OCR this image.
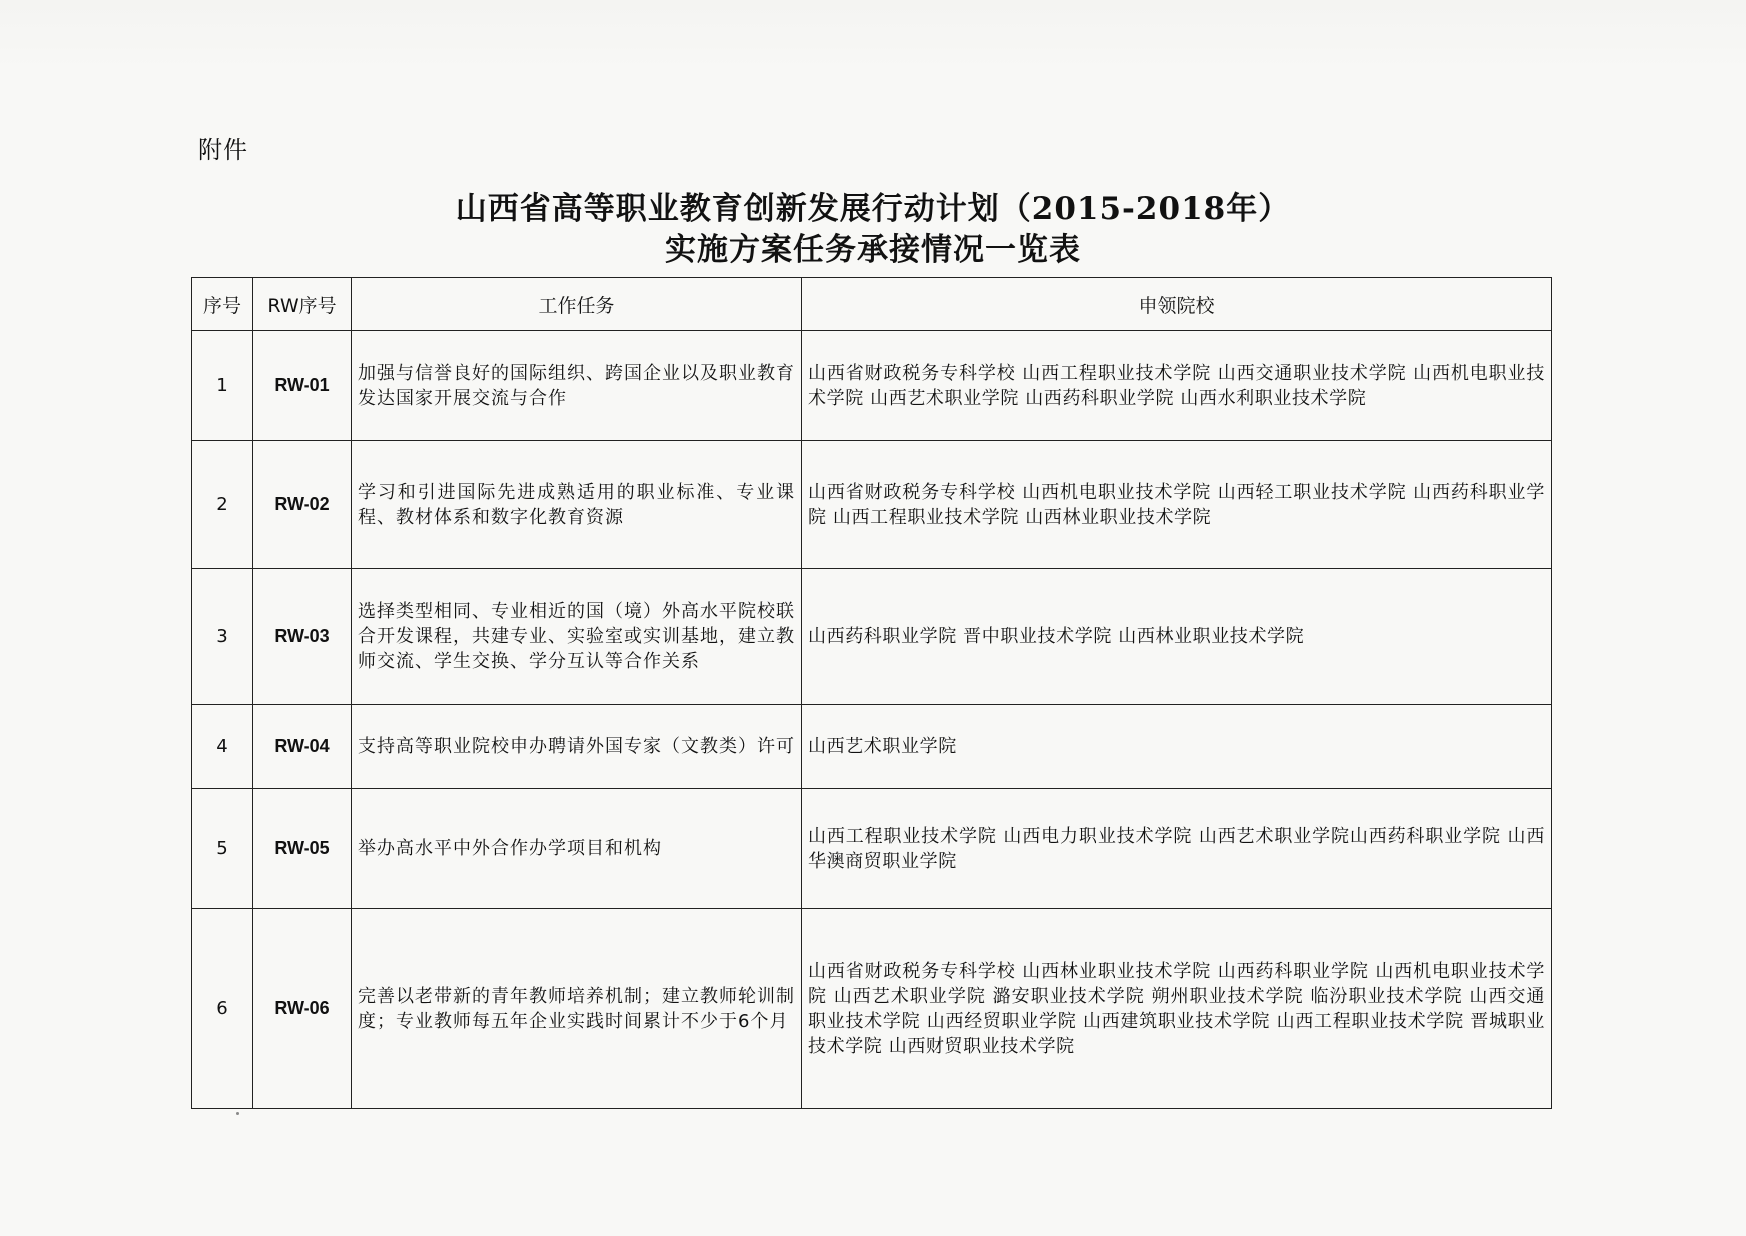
附件
山西省高等职业教育创新发展行动计划（2015-2018年）
实施方案任务承接情况一览表
序号	RW序号	工作任务	申领院校
1	RW-01	加强与信誉良好的国际组织、跨国企业以及职业教育发达国家开展交流与合作	山西省财政税务专科学校 山西工程职业技术学院 山西交通职业技术学院 山西机电职业技术学院 山西艺术职业学院 山西药科职业学院 山西水利职业技术学院
2	RW-02	学习和引进国际先进成熟适用的职业标准、专业课程、教材体系和数字化教育资源	山西省财政税务专科学校 山西机电职业技术学院 山西轻工职业技术学院 山西药科职业学院 山西工程职业技术学院 山西林业职业技术学院
3	RW-03	选择类型相同、专业相近的国（境）外高水平院校联合开发课程，共建专业、实验室或实训基地，建立教师交流、学生交换、学分互认等合作关系	山西药科职业学院 晋中职业技术学院 山西林业职业技术学院
4	RW-04	支持高等职业院校申办聘请外国专家（文教类）许可	山西艺术职业学院
5	RW-05	举办高水平中外合作办学项目和机构	山西工程职业技术学院 山西电力职业技术学院 山西艺术职业学院山西药科职业学院 山西华澳商贸职业学院
6	RW-06	完善以老带新的青年教师培养机制；建立教师轮训制度；专业教师每五年企业实践时间累计不少于6个月	山西省财政税务专科学校 山西林业职业技术学院 山西药科职业学院 山西机电职业技术学院 山西艺术职业学院 潞安职业技术学院 朔州职业技术学院 临汾职业技术学院 山西交通职业技术学院 山西经贸职业学院 山西建筑职业技术学院 山西工程职业技术学院 晋城职业技术学院 山西财贸职业技术学院
